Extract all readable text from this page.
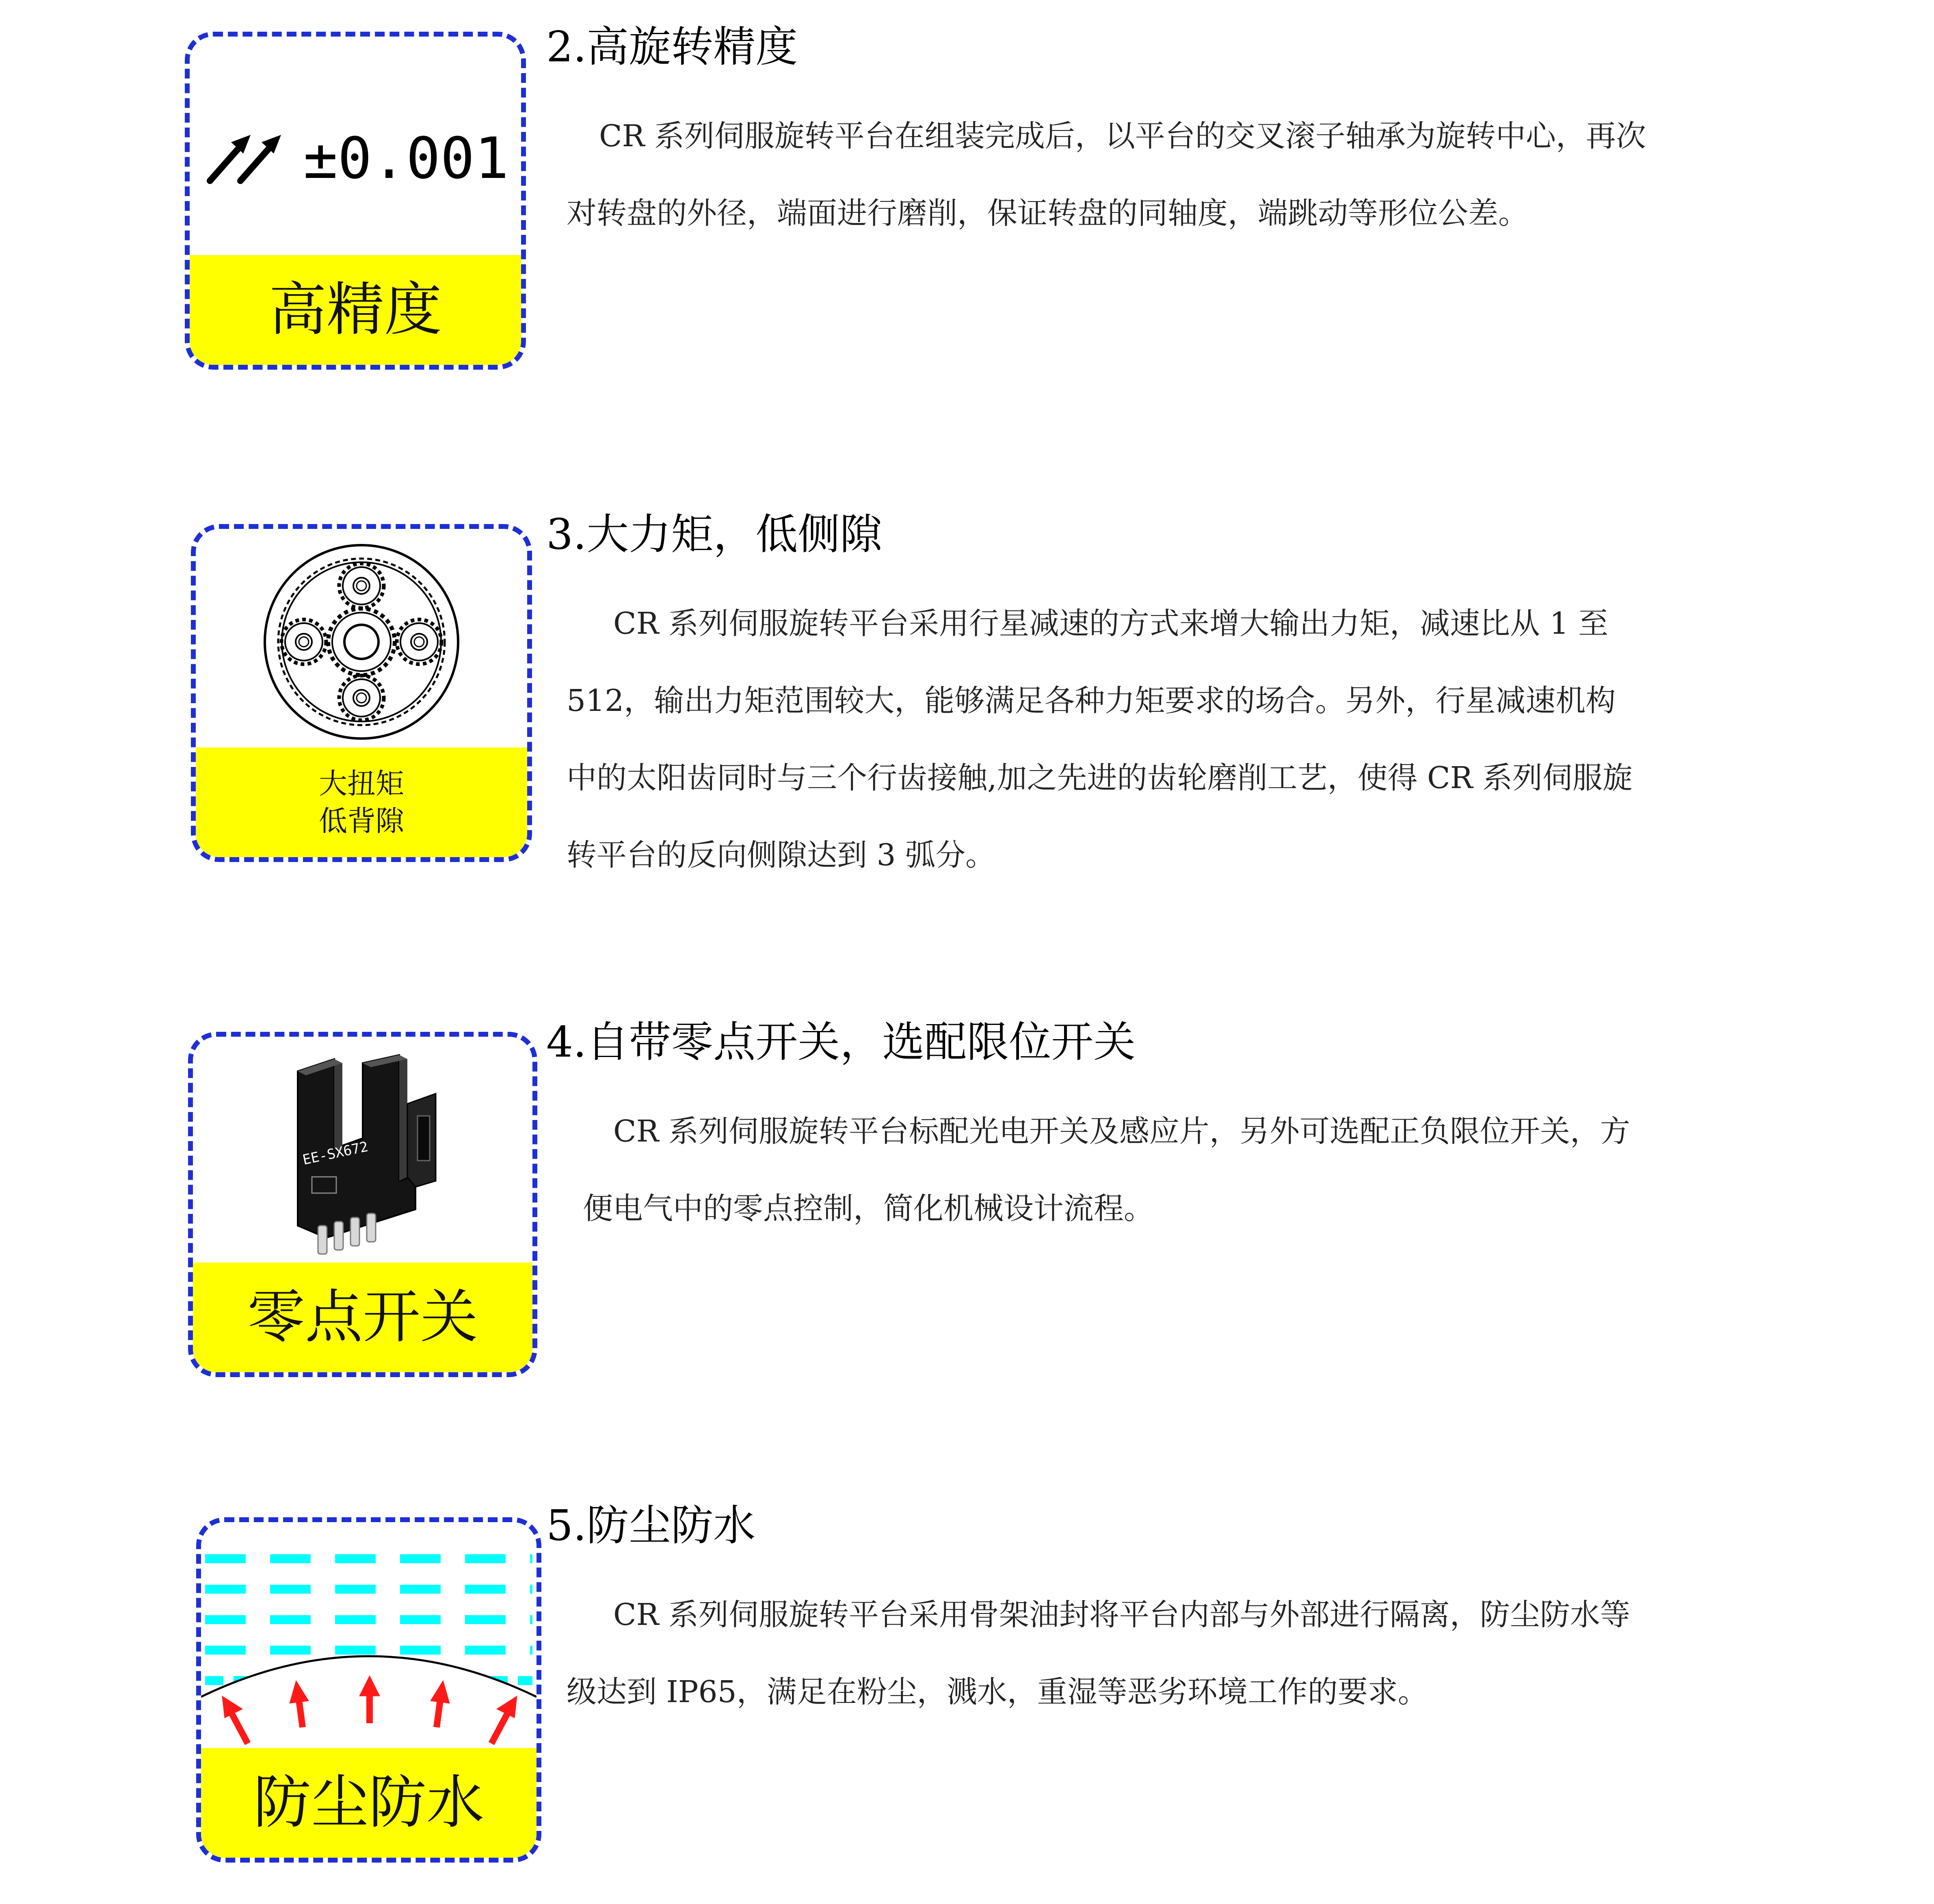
±0.001
高精度
2.高旋转精度

CR 系列伺服旋转平台在组装完成后，以平台的交叉滚子轴承为旋转中心，再次
对转盘的外径，端面进行磨削，保证转盘的同轴度，端跳动等形位公差。

大扭矩
低背隙
3.大力矩，低侧隙

CR 系列伺服旋转平台采用行星减速的方式来增大输出力矩，减速比从 1 至
512，输出力矩范围较大，能够满足各种力矩要求的场合。另外，行星减速机构
中的太阳齿同时与三个行齿接触,加之先进的齿轮磨削工艺，使得 CR 系列伺服旋
转平台的反向侧隙达到 3 弧分。

EE-SX672
零点开关
4.自带零点开关，选配限位开关

CR 系列伺服旋转平台标配光电开关及感应片，另外可选配正负限位开关，方
便电气中的零点控制，简化机械设计流程。

防尘防水
5.防尘防水

CR 系列伺服旋转平台采用骨架油封将平台内部与外部进行隔离，防尘防水等
级达到 IP65，满足在粉尘，溅水，重湿等恶劣环境工作的要求。
